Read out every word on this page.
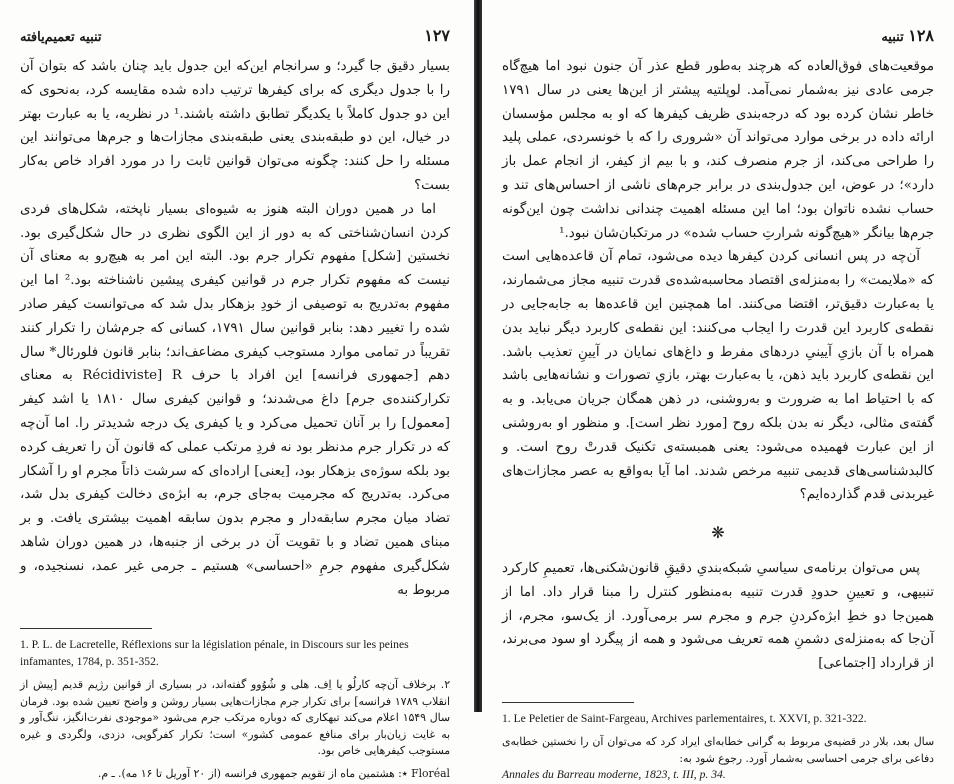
۱۲۷
تنبیه تعمیم‌یافته

بسیار دقیق جا گیرد؛ و سرانجام این‌که این جدول باید چنان باشد که بتوان آن را با جدول دیگری که برای کیفرها ترتیب داده شده مقایسه کرد، به‌نحوی که این دو جدول کاملاً با یکدیگر تطابق داشته باشند.¹ در نظریه، یا به عبارت بهتر در خیال، این دو طبقه‌بندی یعنی طبقه‌بندی مجازات‌ها و جرم‌ها می‌توانند این مسئله را حل کنند: چگونه می‌توان قوانین ثابت را در مورد افراد خاص به‌کار بست؟

اما در همین دوران البته هنوز به شیوه‌ای بسیار ناپخته، شکل‌های فردی کردن انسان‌شناختی که به دور از این الگوی نظری در حال شکل‌گیری بود. نخستین [شکل] مفهوم تکرار جرم بود. البته این امر به هیچ‌رو به معنای آن نیست که مفهوم تکرار جرم در قوانین کیفری پیشین ناشناخته بود.² اما این مفهوم به‌تدریج به توصیفی از خودِ بزهکار بدل شد که می‌توانست کیفر صادر شده را تغییر دهد: بنابر قوانین سال ۱۷۹۱، کسانی که جرم‌شان را تکرار کنند تقریباً در تمامی موارد مستوجب کیفری مضاعف‌اند؛ بنابر قانون فلورئال* سال دهم [جمهوری فرانسه] این افراد با حرف R [Récidiviste به معنای تکرارکننده‌ی جرم] داغ می‌شدند؛ و قوانین کیفری سال ۱۸۱۰ یا اشد کیفر [معمول] را بر آنان تحمیل می‌کرد و یا کیفری یک درجه شدیدتر را. اما آن‌چه که در تکرار جرم مدنظر بود نه فردِ مرتکب عملی که قانون آن را تعریف کرده بود بلکه سوژه‌ی بزهکار بود، [یعنی] اراده‌ای که سرشت ذاتاً مجرم او را آشکار می‌کرد. به‌تدریج که مجرمیت به‌جای جرم، به ابژه‌ی دخالت کیفری بدل شد، تضاد میان مجرم سابقه‌دار و مجرم بدون سابقه اهمیت بیشتری یافت. و بر مبنای همین تضاد و با تقویت آن در برخی از جنبه‌ها، در همین دوران شاهد شکل‌گیری مفهوم جرمِ «احساسی» هستیم ـ جرمی غیر عمد، نسنجیده، و مربوط به

1. P. L. de Lacretelle, Réflexions sur la législation pénale, in Discours sur les peines infamantes, 1784, p. 351-352.
۲. برخلاف آن‌چه کارلُو یا اِف. هلی و شُوُوو گفته‌اند، در بسیاری از قوانین رژیم قدیم [پیش از انقلاب ۱۷۸۹ فرانسه] برای تکرار جرم مجازات‌هایی بسیار روشن و واضح تعیین شده بود. فرمان سال ۱۵۴۹ اعلام می‌کند تبهکاری که دوباره مرتکب جرم می‌شود «موجودی نفرت‌انگیز، ننگ‌آور و به غایت زیان‌بار برای منافع عمومی کشور» است؛ تکرار کفرگویی، دزدی، ولگردی و غیره مستوجب کیفرهایی خاص بود.
Floréal ٭: هشتمین ماه از تقویم جمهوری فرانسه (از ۲۰ آوریل تا ۱۶ مه). ـ م.
۱۲۸ تنبیه

موقعیت‌های فوق‌العاده که هرچند به‌طور قطع عذر آن جنون نبود اما هیچ‌گاه جرمی عادی نیز به‌شمار نمی‌آمد. لوپلتیه پیشتر از این‌ها یعنی در سال ۱۷۹۱ خاطر نشان کرده بود که درجه‌بندی ظریف کیفرها که او به مجلس مؤسسان ارائه داده در برخی موارد می‌تواند آن «شروری را که با خونسردی، عملی پلید را طراحی می‌کند، از جرم منصرف کند، و با بیم از کیفر، از انجام عمل باز دارد»؛ در عوض، این جدول‌بندی در برابر جرم‌های ناشی از احساس‌های تند و حساب نشده ناتوان بود؛ اما این مسئله اهمیت چندانی نداشت چون این‌گونه جرم‌ها بیانگر «هیچ‌گونه شرارتِ حساب شده» در مرتکبان‌شان نبود.¹

آن‌چه در پس انسانی کردن کیفرها دیده می‌شود، تمام آن قاعده‌هایی است که «ملایمت» را به‌منزله‌ی اقتصاد محاسبه‌شده‌ی قدرت تنبیه مجاز می‌شمارند، یا به‌عبارت دقیق‌تر، اقتضا می‌کنند. اما همچنین این قاعده‌ها به جابه‌جایی در نقطه‌ی کاربرد این قدرت را ایجاب می‌کنند: این نقطه‌ی کاربرد دیگر نباید بدن همراه با آن بازیِ آیینیِ دردهای مفرط و داغ‌های نمایان در آیینِ تعذیب باشد. این نقطه‌ی کاربرد باید ذهن، یا به‌عبارت بهتر، بازیِ تصورات و نشانه‌هایی باشد که با احتیاط اما به ضرورت و به‌روشنی، در ذهن همگان جریان می‌یابد. و به گفته‌ی مثالی، دیگر نه بدن بلکه روح [مورد نظر است]. و منظور او به‌روشنی از این عبارت فهمیده می‌شود: یعنی همبسته‌ی تکنیک قدرتْ روح است. و کالبدشناسی‌های قدیمی تنبیه مرخص شدند. اما آیا به‌واقع به عصر مجازات‌های غیربدنی قدم گذارده‌ایم؟

❋

پس می‌توان برنامه‌ی سیاسیِ شبکه‌بندیِ دقیقِ قانون‌شکنی‌ها، تعمیمِ کارکرد تنبیهی، و تعیینِ حدودِ قدرت تنبیه به‌منظور کنترل را مبنا قرار داد. اما از همین‌جا دو خطِ ابژه‌کردنِ جرم و مجرم سر برمی‌آورد. از یک‌سو، مجرم، از آن‌جا که به‌منزله‌ی دشمنِ همه تعریف می‌شود و همه از پیگرد او سود می‌برند، از قرارداد [اجتماعی]

1. Le Peletier de Saint-Fargeau, Archives parlementaires, t. XXVI, p. 321-322.
سال بعد، بلار در قضیه‌ی مربوط به گرانی خطابه‌ای ایراد کرد که می‌توان آن را نخستین خطابه‌ی دفاعی برای جرمی احساسی به‌شمار آورد. رجوع شود به:
Annales du Barreau moderne, 1823, t. III, p. 34.
